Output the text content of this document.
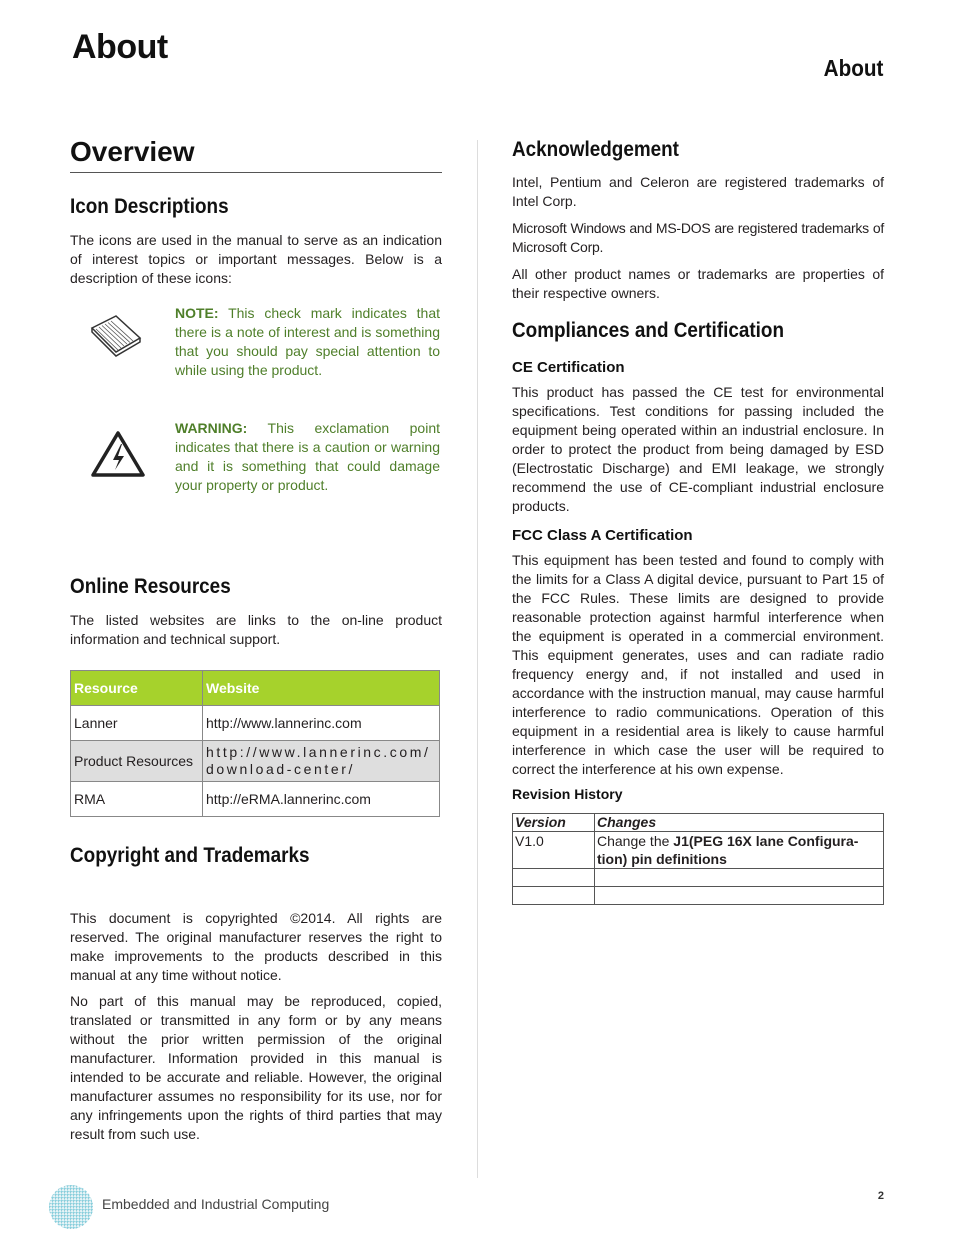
About
About
Overview
Icon Descriptions

The icons are used in the manual to serve as an indication of interest topics or important messages. Below is a description of these icons:

NOTE: This check mark indicates that there is a note of interest and is something that you should pay special attention to while using the product.
WARNING: This exclamation point indicates that there is a caution or warning and it is something that could damage your property or product.
Online Resources

The listed websites are links to the on-line product information and technical support.

Resource	Website
Lanner	http://www.lannerinc.com
Product Resources	http://www.lannerinc.com/ download-center/
RMA	http://eRMA.lannerinc.com
Copyright and Trademarks

This document is copyrighted ©2014. All rights are reserved. The original manufacturer reserves the right to make improvements to the products described in this manual at any time without notice.

No part of this manual may be reproduced, copied, translated or transmitted in any form or by any means without the prior written permission of the original manufacturer. Information provided in this manual is intended to be accurate and reliable. However, the original manufacturer assumes no responsibility for its use, nor for any infringements upon the rights of third parties that may result from such use.

Acknowledgement

Intel, Pentium and Celeron are registered trademarks of Intel Corp.

Microsoft Windows and MS-DOS are registered trademarks of Microsoft Corp.

All other product names or trademarks are properties of their respective owners.

Compliances and Certification
CE Certification

This product has passed the CE test for environmental specifications. Test conditions for passing included the equipment being operated within an industrial enclosure. In order to protect the product from being damaged by ESD (Electrostatic Discharge) and EMI leakage, we strongly recommend the use of CE-compliant industrial enclosure products.

FCC Class A Certification

This equipment has been tested and found to comply with the limits for a Class A digital device, pursuant to Part 15 of the FCC Rules. These limits are designed to provide reasonable protection against harmful interference when the equipment is operated in a commercial environment. This equipment generates, uses and can radiate radio frequency energy and, if not installed and used in accordance with the instruction manual, may cause harmful interference to radio communications. Operation of this equipment in a residential area is likely to cause harmful interference in which case the user will be required to correct the interference at his own expense.

Revision History
Version	Changes
V1.0	Change the J1(PEG 16X lane Configura- tion) pin definitions

Embedded and Industrial Computing	2
